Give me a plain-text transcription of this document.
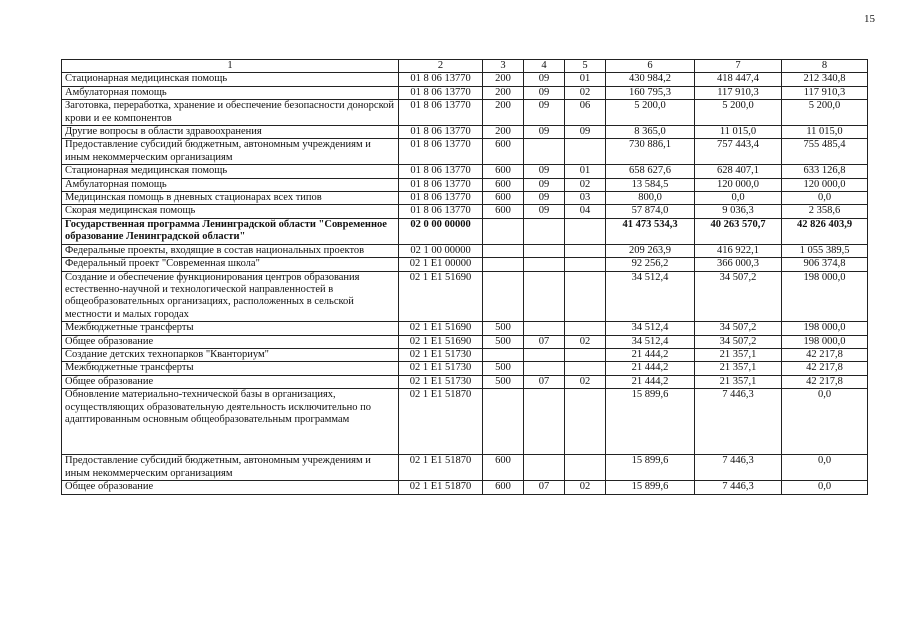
15
1	2	3	4	5	6	7	8
Стационарная медицинская помощь	01 8 06 13770	200	09	01	430 984,2	418 447,4	212 340,8
Амбулаторная помощь	01 8 06 13770	200	09	02	160 795,3	117 910,3	117 910,3
Заготовка, переработка, хранение и обеспечение безопасности донорской крови и ее компонентов	01 8 06 13770	200	09	06	5 200,0	5 200,0	5 200,0
Другие вопросы в области здравоохранения	01 8 06 13770	200	09	09	8 365,0	11 015,0	11 015,0
Предоставление субсидий бюджетным, автономным учреждениям и иным некоммерческим организациям	01 8 06 13770	600			730 886,1	757 443,4	755 485,4
Стационарная медицинская помощь	01 8 06 13770	600	09	01	658 627,6	628 407,1	633 126,8
Амбулаторная помощь	01 8 06 13770	600	09	02	13 584,5	120 000,0	120 000,0
Медицинская помощь в дневных стационарах всех типов	01 8 06 13770	600	09	03	800,0	0,0	0,0
Скорая медицинская помощь	01 8 06 13770	600	09	04	57 874,0	9 036,3	2 358,6
Государственная программа Ленинградской области "Современное образование Ленинградской области"	02 0 00 00000				41 473 534,3	40 263 570,7	42 826 403,9
Федеральные проекты, входящие в состав национальных проектов	02 1 00 00000				209 263,9	416 922,1	1 055 389,5
Федеральный проект "Современная школа"	02 1 E1 00000				92 256,2	366 000,3	906 374,8
Создание и обеспечение функционирования центров образования естественно-научной и технологической направленностей в общеобразовательных организациях, расположенных в сельской местности и малых городах	02 1 E1 51690				34 512,4	34 507,2	198 000,0
Межбюджетные трансферты	02 1 E1 51690	500			34 512,4	34 507,2	198 000,0
Общее образование	02 1 E1 51690	500	07	02	34 512,4	34 507,2	198 000,0
Создание детских технопарков "Кванториум"	02 1 E1 51730				21 444,2	21 357,1	42 217,8
Межбюджетные трансферты	02 1 E1 51730	500			21 444,2	21 357,1	42 217,8
Общее образование	02 1 E1 51730	500	07	02	21 444,2	21 357,1	42 217,8
Обновление материально-технической базы в организациях, осуществляющих образовательную деятельность исключительно по адаптированным основным общеобразовательным программам	02 1 E1 51870				15 899,6	7 446,3	0,0
Предоставление субсидий бюджетным, автономным учреждениям и иным некоммерческим организациям	02 1 E1 51870	600			15 899,6	7 446,3	0,0
Общее образование	02 1 E1 51870	600	07	02	15 899,6	7 446,3	0,0
